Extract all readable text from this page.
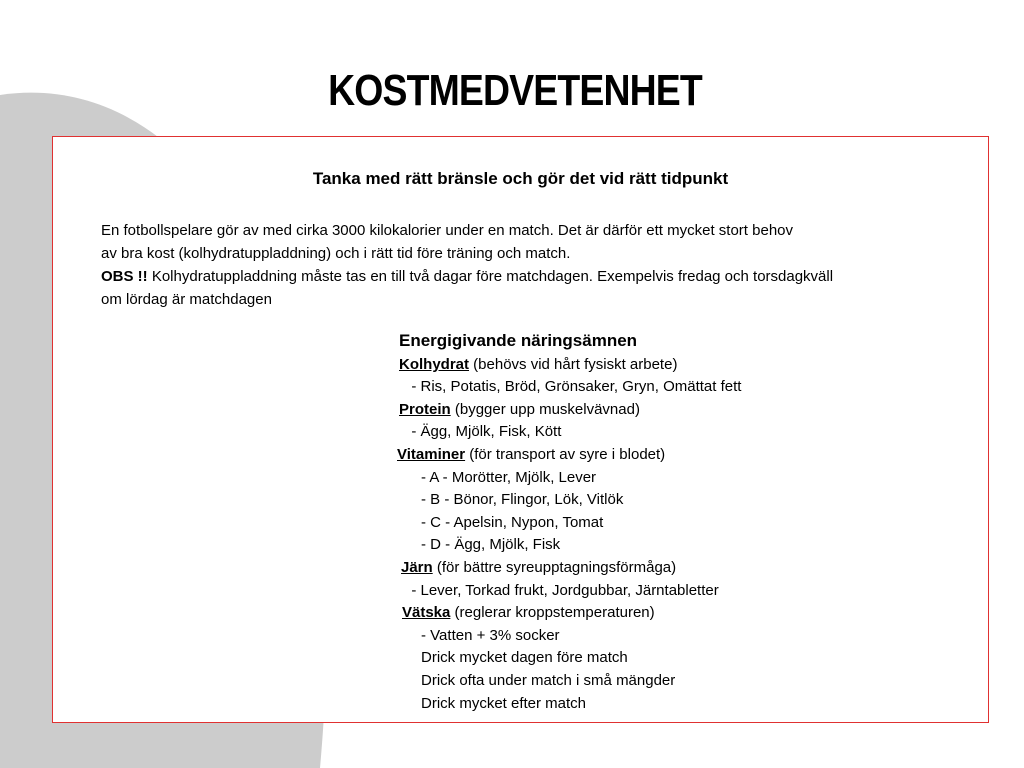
KOSTMEDVETENHET
Tanka med rätt bränsle och gör det vid rätt tidpunkt
En fotbollspelare gör av med cirka 3000 kilokalorier under en match. Det är därför ett mycket stort behov
av bra kost (kolhydratuppladdning) och i rätt tid före träning och match.
OBS !! Kolhydratuppladdning måste tas en till två dagar före matchdagen. Exempelvis fredag och torsdagkväll
om lördag är matchdagen
Energigivande näringsämnen
Kolhydrat (behövs vid hårt fysiskt arbete)
- Ris, Potatis, Bröd, Grönsaker, Gryn, Omättat fett
Protein (bygger upp muskelvävnad)
- Ägg, Mjölk, Fisk, Kött
Vitaminer (för transport av syre i blodet)
- A - Morötter, Mjölk, Lever
- B - Bönor, Flingor, Lök, Vitlök
- C - Apelsin, Nypon, Tomat
- D - Ägg, Mjölk, Fisk
Järn (för bättre syreupptagningsförmåga)
- Lever, Torkad frukt, Jordgubbar, Järntabletter
Vätska (reglerar kroppstemperaturen)
- Vatten + 3% socker
Drick mycket dagen före match
Drick ofta under match i små mängder
Drick mycket efter match
